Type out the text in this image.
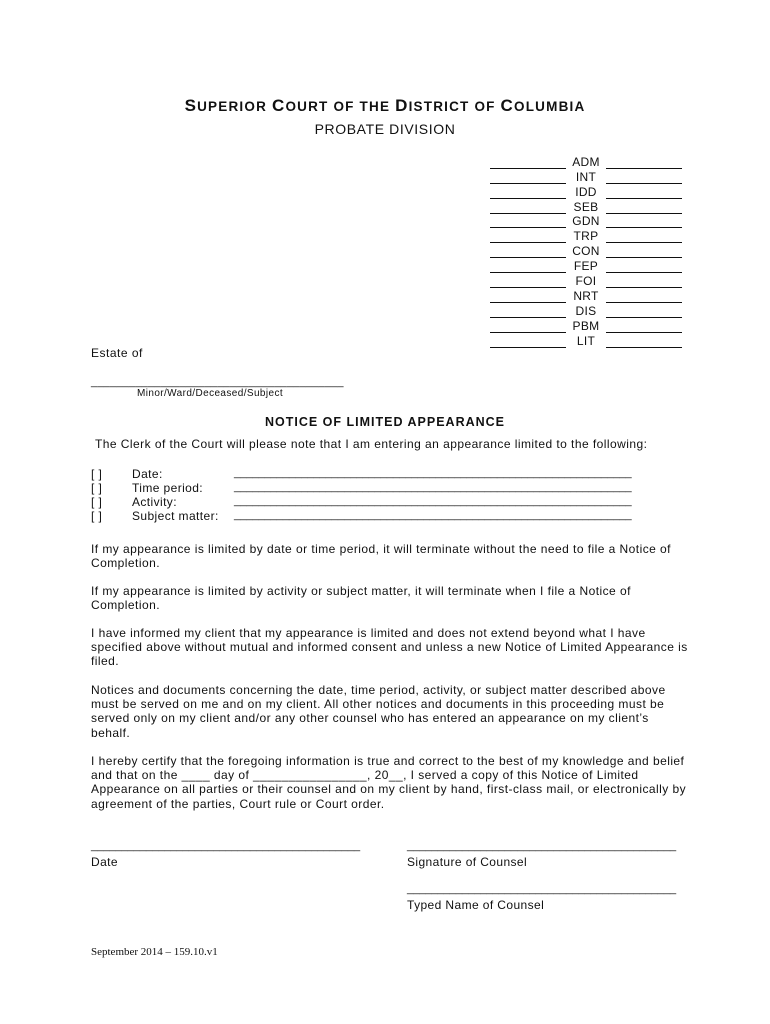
SUPERIOR COURT OF THE DISTRICT OF COLUMBIA
PROBATE DIVISION
ADM
INT
IDD
SEB
GDN
TRP
CON
FEP
FOI
NRT
DIS
PBM
LIT
Estate of
________________________________________
Minor/Ward/Deceased/Subject
NOTICE OF LIMITED APPEARANCE
The Clerk of the Court will please note that I am entering an appearance limited to the following:
[ ] Date:	_________________________________________________________________
[ ] Time period:	_________________________________________________________________
[ ] Activity:	_________________________________________________________________
[ ] Subject matter: _________________________________________________________________
If my appearance is limited by date or time period, it will terminate without the need to file a Notice of Completion.
If my appearance is limited by activity or subject matter, it will terminate when I file a Notice of Completion.
I have informed my client that my appearance is limited and does not extend beyond what I have specified above without mutual and informed consent and unless a new Notice of Limited Appearance is filed.
Notices and documents concerning the date, time period, activity, or subject matter described above must be served on me and on my client. All other notices and documents in this proceeding must be served only on my client and/or any other counsel who has entered an appearance on my client’s behalf.
I hereby certify that the foregoing information is true and correct to the best of my knowledge and belief and that on the ____ day of ________________, 20__, I served a copy of this Notice of Limited Appearance on all parties or their counsel and on my client by hand, first-class mail, or electronically by agreement of the parties, Court rule or Court order.
____________________________________________
Date
____________________________________________
Signature of Counsel
____________________________________________
Typed Name of Counsel
September 2014 – 159.10.v1
